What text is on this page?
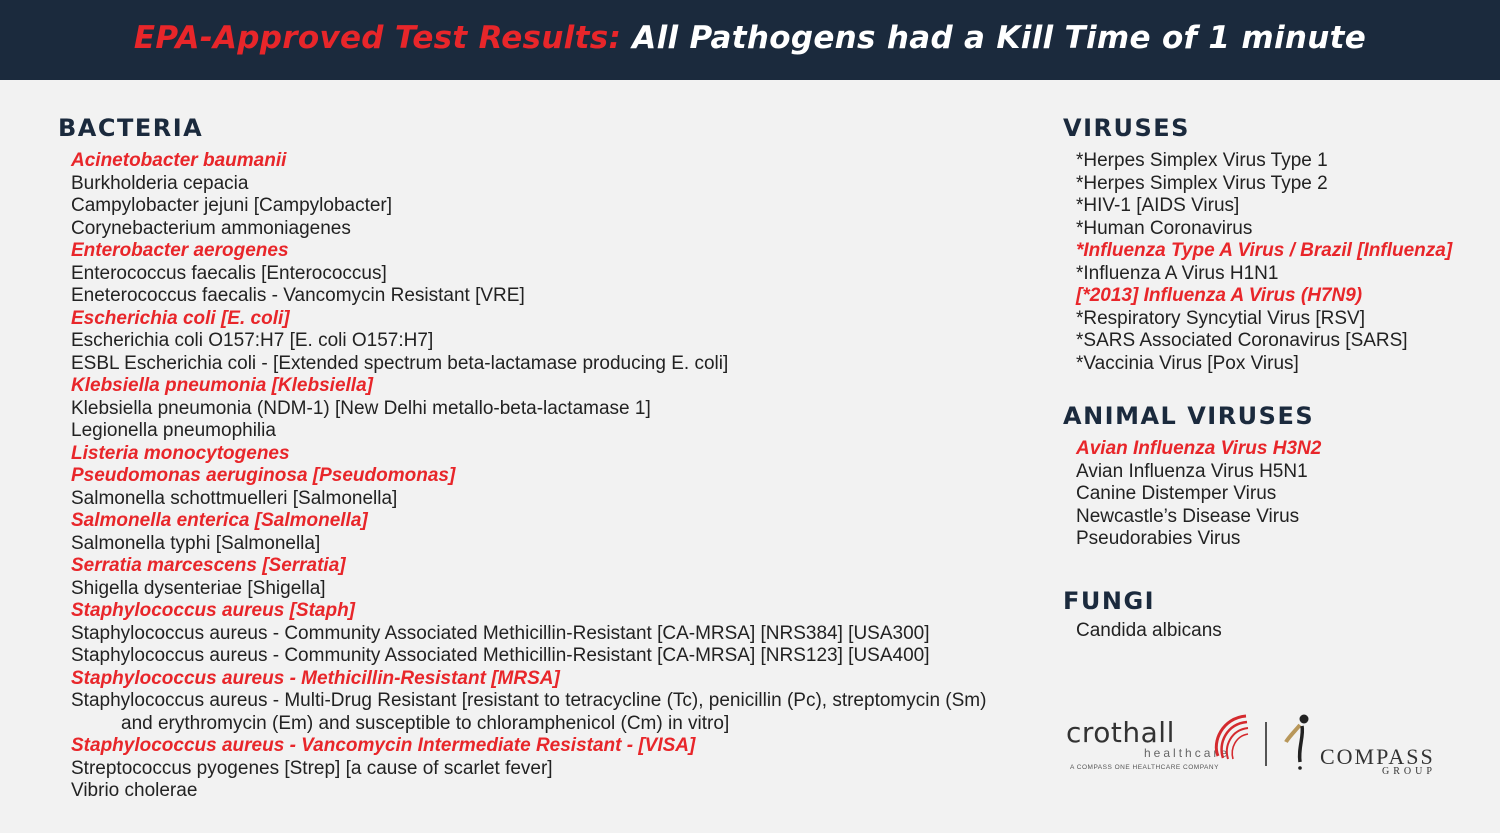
EPA-Approved Test Results: All Pathogens had a Kill Time of 1 minute
BACTERIA
Acinetobacter baumanii
Burkholderia cepacia
Campylobacter jejuni [Campylobacter]
Corynebacterium ammoniagenes
Enterobacter aerogenes
Enterococcus faecalis [Enterococcus]
Eneterococcus faecalis - Vancomycin Resistant [VRE]
Escherichia coli [E. coli]
Escherichia coli O157:H7 [E. coli O157:H7]
ESBL Escherichia coli - [Extended spectrum beta-lactamase producing E. coli]
Klebsiella pneumonia [Klebsiella]
Klebsiella pneumonia (NDM-1) [New Delhi metallo-beta-lactamase 1]
Legionella pneumophilia
Listeria monocytogenes
Pseudomonas aeruginosa [Pseudomonas]
Salmonella schottmuelleri [Salmonella]
Salmonella enterica [Salmonella]
Salmonella typhi [Salmonella]
Serratia marcescens [Serratia]
Shigella dysenteriae [Shigella]
Staphylococcus aureus [Staph]
Staphylococcus aureus - Community Associated Methicillin-Resistant [CA-MRSA] [NRS384] [USA300]
Staphylococcus aureus - Community Associated Methicillin-Resistant [CA-MRSA] [NRS123] [USA400]
Staphylococcus aureus - Methicillin-Resistant [MRSA]
Staphylococcus aureus - Multi-Drug Resistant [resistant to tetracycline (Tc), penicillin (Pc), streptomycin (Sm)
and erythromycin (Em) and susceptible to chloramphenicol (Cm) in vitro]
Staphylococcus aureus - Vancomycin Intermediate Resistant - [VISA]
Streptococcus pyogenes [Strep] [a cause of scarlet fever]
Vibrio cholerae
VIRUSES
*Herpes Simplex Virus Type 1
*Herpes Simplex Virus Type 2
*HIV-1 [AIDS Virus]
*Human Coronavirus
*Influenza Type A Virus / Brazil [Influenza]
*Influenza A Virus H1N1
[*2013] Influenza A Virus (H7N9)
*Respiratory Syncytial Virus [RSV]
*SARS Associated Coronavirus [SARS]
*Vaccinia Virus [Pox Virus]
ANIMAL VIRUSES
Avian Influenza Virus H3N2
Avian Influenza Virus H5N1
Canine Distemper Virus
Newcastle’s Disease Virus
Pseudorabies Virus
FUNGI
Candida albicans
crothall
healthcare
A COMPASS ONE HEALTHCARE COMPANY	COMPASS
GROUP
